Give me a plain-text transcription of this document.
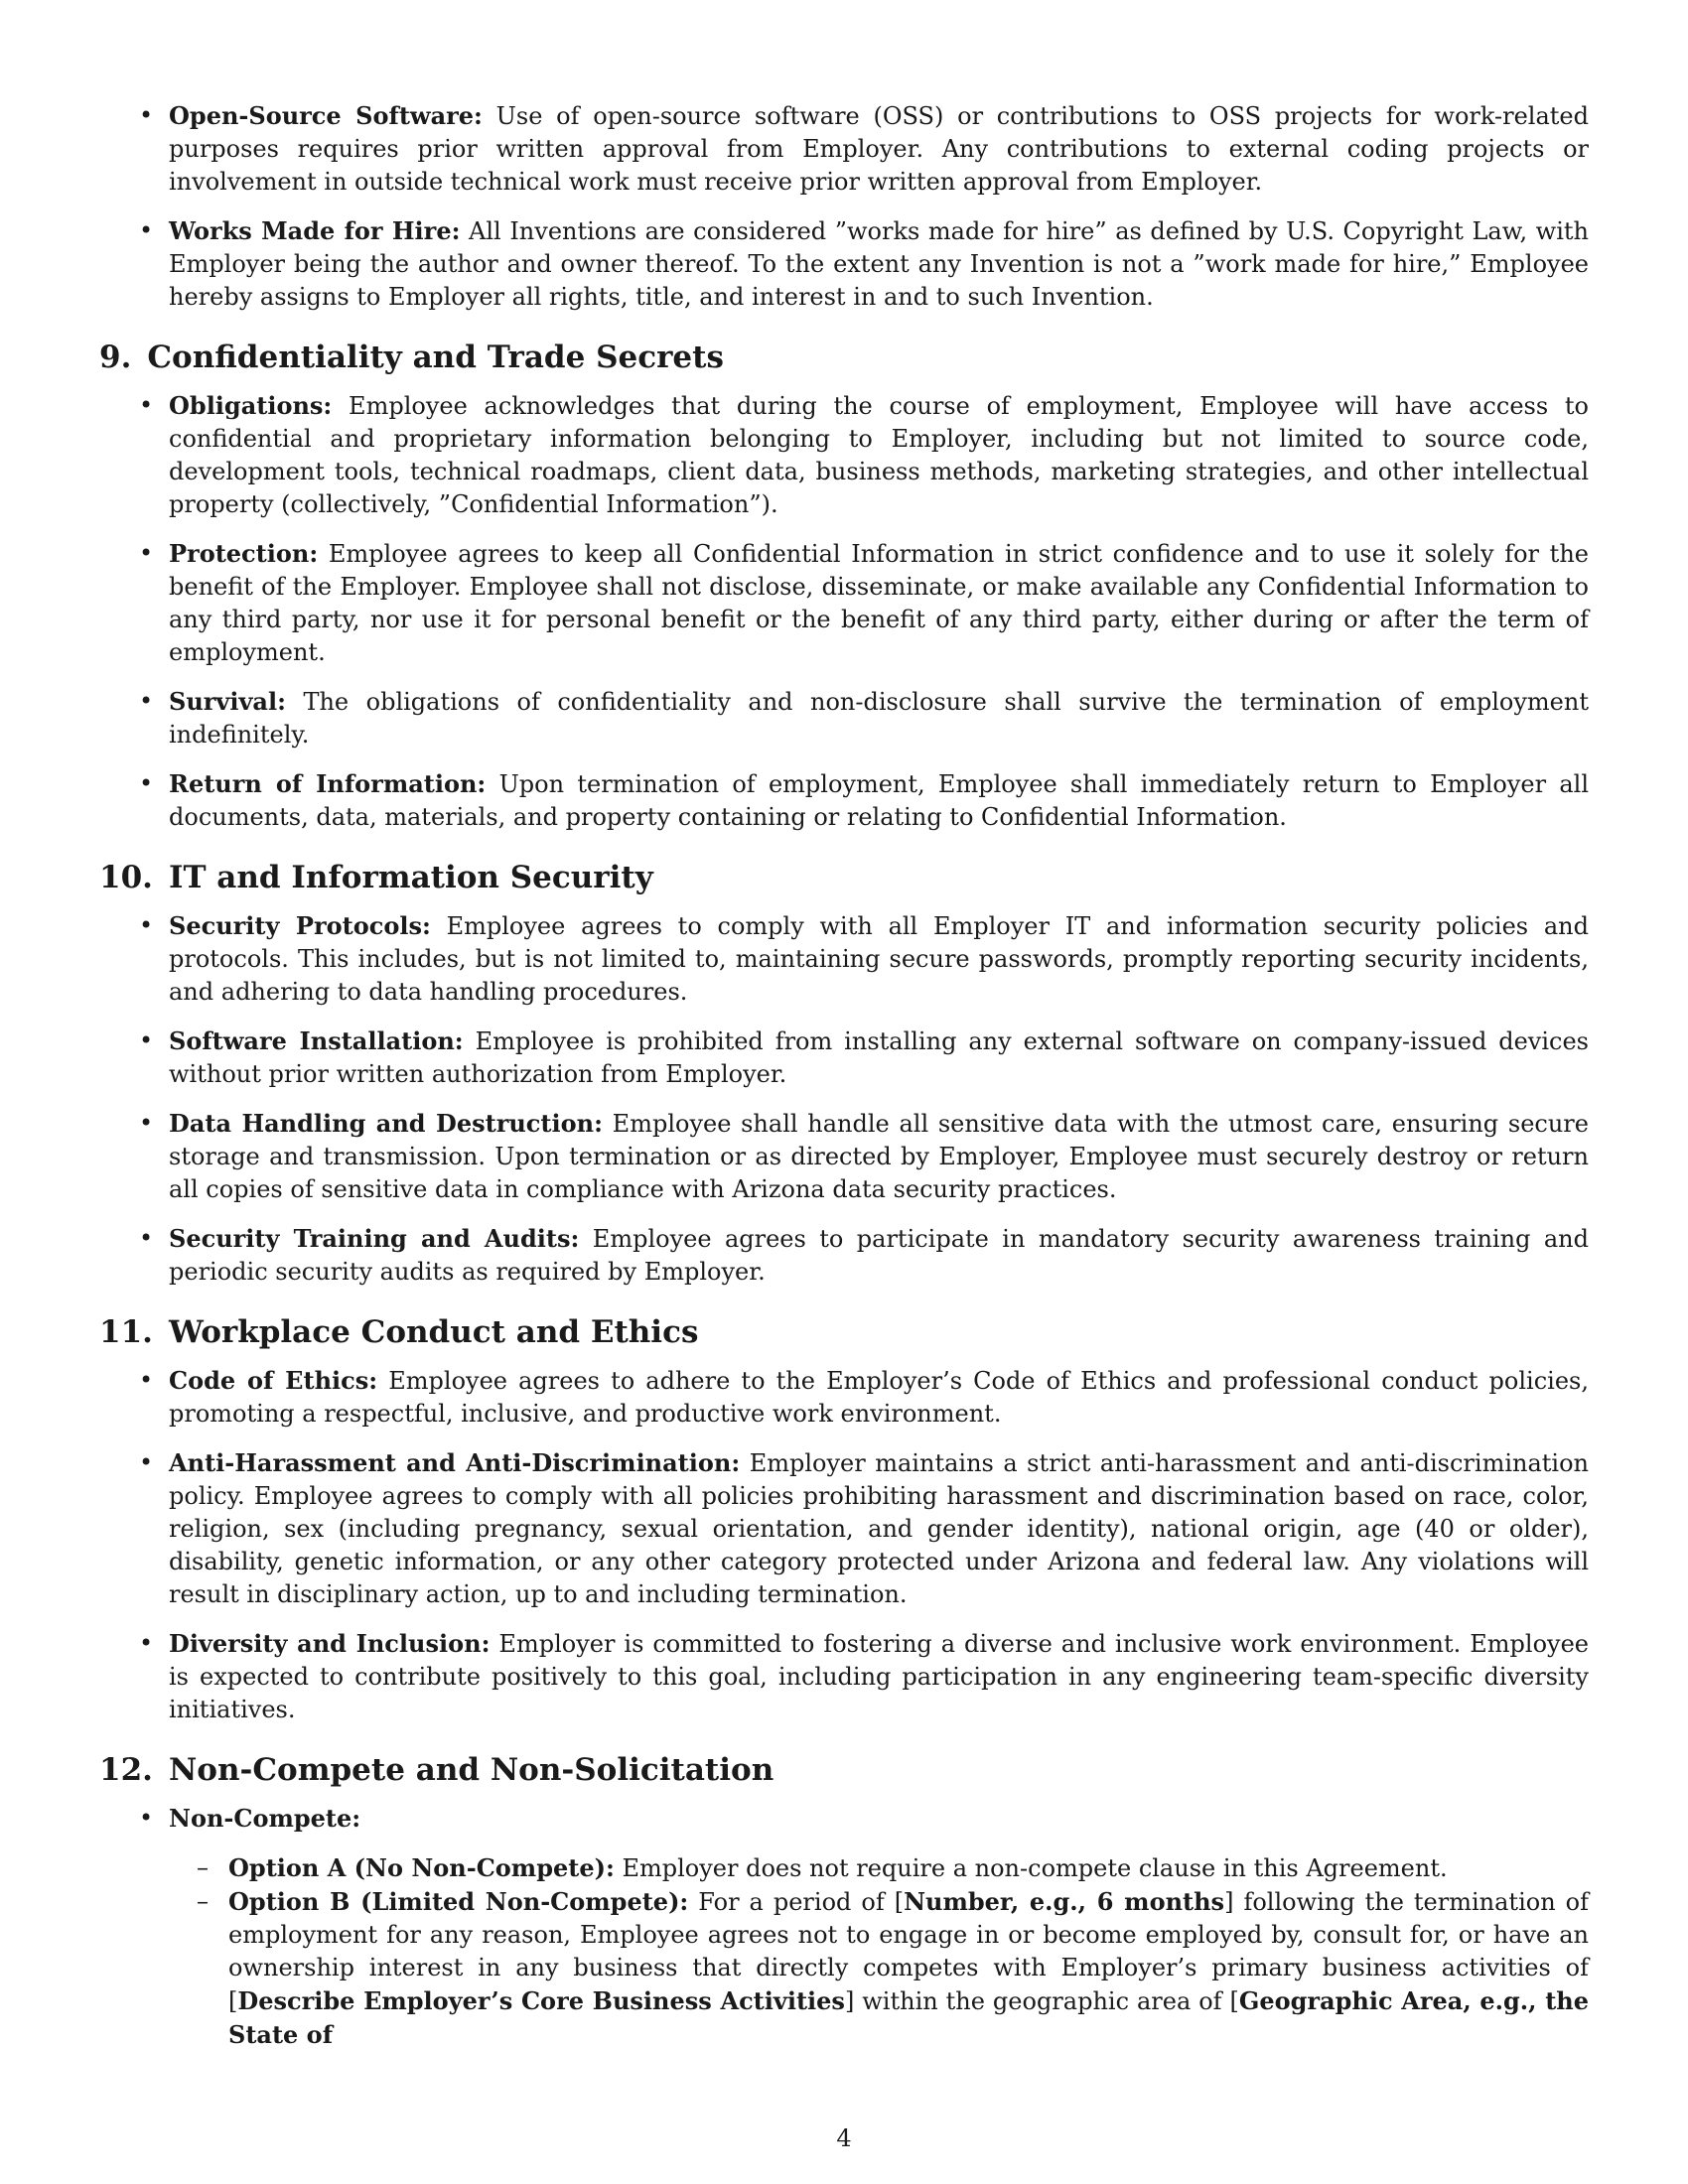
• Open-Source Software: Use of open-source software (OSS) or contributions to OSS projects for work-related purposes requires prior written approval from Employer. Any contributions to external coding projects or involvement in outside technical work must receive prior written approval from Employer.
• Works Made for Hire: All Inventions are considered ”works made for hire” as defined by U.S. Copyright Law, with Employer being the author and owner thereof. To the extent any Invention is not a ”work made for hire,” Employee hereby assigns to Employer all rights, title, and interest in and to such Invention.
9. Confidentiality and Trade Secrets
• Obligations: Employee acknowledges that during the course of employment, Employee will have access to confidential and proprietary information belonging to Employer, including but not limited to source code, development tools, technical roadmaps, client data, business methods, marketing strategies, and other intellectual property (collectively, ”Confidential Information”).
• Protection: Employee agrees to keep all Confidential Information in strict confidence and to use it solely for the benefit of the Employer. Employee shall not disclose, disseminate, or make available any Confidential Information to any third party, nor use it for personal benefit or the benefit of any third party, either during or after the term of employment.
• Survival: The obligations of confidentiality and non-disclosure shall survive the termination of employment indefinitely.
• Return of Information: Upon termination of employment, Employee shall immediately return to Employer all documents, data, materials, and property containing or relating to Confidential Information.
10. IT and Information Security
• Security Protocols: Employee agrees to comply with all Employer IT and information security policies and protocols. This includes, but is not limited to, maintaining secure passwords, promptly reporting security incidents, and adhering to data handling procedures.
• Software Installation: Employee is prohibited from installing any external software on company-issued devices without prior written authorization from Employer.
• Data Handling and Destruction: Employee shall handle all sensitive data with the utmost care, ensuring secure storage and transmission. Upon termination or as directed by Employer, Employee must securely destroy or return all copies of sensitive data in compliance with Arizona data security practices.
• Security Training and Audits: Employee agrees to participate in mandatory security awareness training and periodic security audits as required by Employer.
11. Workplace Conduct and Ethics
• Code of Ethics: Employee agrees to adhere to the Employer’s Code of Ethics and professional conduct policies, promoting a respectful, inclusive, and productive work environment.
• Anti-Harassment and Anti-Discrimination: Employer maintains a strict anti-harassment and anti-discrimination policy. Employee agrees to comply with all policies prohibiting harassment and discrimination based on race, color, religion, sex (including pregnancy, sexual orientation, and gender identity), national origin, age (40 or older), disability, genetic information, or any other category protected under Arizona and federal law. Any violations will result in disciplinary action, up to and including termination.
• Diversity and Inclusion: Employer is committed to fostering a diverse and inclusive work environment. Employee is expected to contribute positively to this goal, including participation in any engineering team-specific diversity initiatives.
12. Non-Compete and Non-Solicitation
• Non-Compete:
– Option A (No Non-Compete): Employer does not require a non-compete clause in this Agreement.
– Option B (Limited Non-Compete): For a period of [Number, e.g., 6 months] following the termination of employment for any reason, Employee agrees not to engage in or become employed by, consult for, or have an ownership interest in any business that directly competes with Employer’s primary business activities of [Describe Employer’s Core Business Activities] within the geographic area of [Geographic Area, e.g., the State of
4
